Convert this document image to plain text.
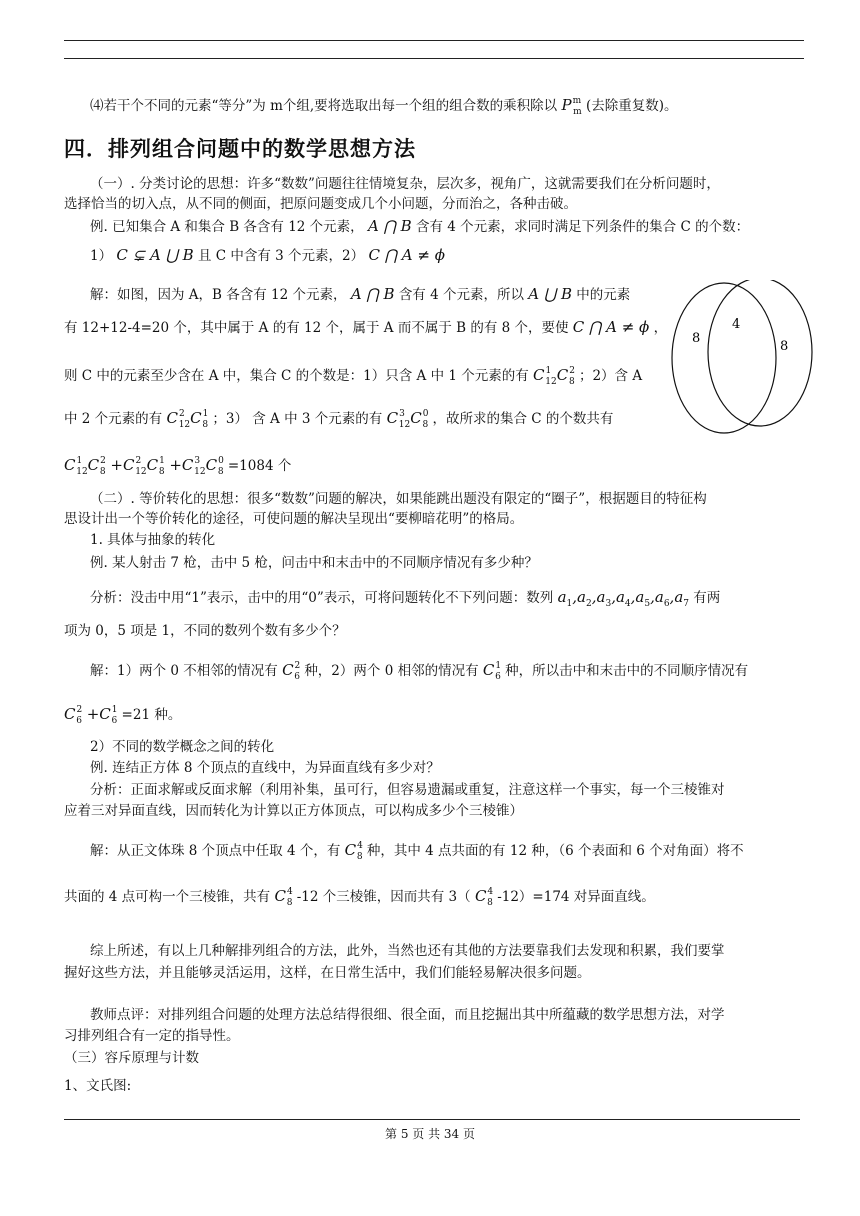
⑷若干个不同的元素“等分”为 m个组,要将选取出每一个组的组合数的乘积除以 $P^m_m$ (去除重复数)。
四．排列组合问题中的数学思想方法
（一）. 分类讨论的思想：许多“数数”问题往往情境复杂，层次多，视角广，这就需要我们在分析问题时，
选择恰当的切入点，从不同的侧面，把原问题变成几个小问题，分而治之，各种击破。
例. 已知集合 A 和集合 B 各含有 12 个元素， A ⋂ B 含有 4 个元素，求同时满足下列条件的集合 C 的个数：
1） C ⊊ A ⋃ B 且 C 中含有 3 个元素，2） C ⋂ A ≠ ϕ
解：如图，因为 A，B 各含有 12 个元素， A ⋂ B 含有 4 个元素，所以 A ⋃ B 中的元素
有 12+12-4=20 个，其中属于 A 的有 12 个，属于 A 而不属于 B 的有 8 个，要使 C ⋂ A ≠ ϕ ，
则 C 中的元素至少含在 A 中，集合 C 的个数是：1）只含 A 中 1 个元素的有 $C^1_{12}C^2_8$ ；2）含 A
中 2 个元素的有 $C^2_{12}C^1_8$ ；3） 含 A 中 3 个元素的有 $C^3_{12}C^0_8$ ，故所求的集合 C 的个数共有
$C^1_{12}C^2_8 +C^2_{12}C^1_8 +C^3_{12}C^0_8 =1084$ 个
8
4
8
（二）. 等价转化的思想：很多“数数”问题的解决，如果能跳出题没有限定的“圈子”，根据题目的特征构
思设计出一个等价转化的途径，可使问题的解决呈现出“要柳暗花明”的格局。
1. 具体与抽象的转化
例. 某人射击 7 枪，击中 5 枪，问击中和末击中的不同顺序情况有多少种？
分析：没击中用“1”表示，击中的用“0”表示，可将问题转化不下列问题：数列 $a_1,a_2,a_3,a_4,a_5,a_6,a_7$ 有两
项为 0，5 项是 1，不同的数列个数有多少个？
解：1）两个 0 不相邻的情况有 $C^2_6$ 种，2）两个 0 相邻的情况有 $C^1_6$ 种，所以击中和末击中的不同顺序情况有
$C^2_6 +C^1_6 =21$ 种。
2）不同的数学概念之间的转化
例. 连结正方体 8 个顶点的直线中，为异面直线有多少对？
分析：正面求解或反面求解（利用补集，虽可行，但容易遗漏或重复，注意这样一个事实，每一个三棱锥对
应着三对异面直线，因而转化为计算以正方体顶点，可以构成多少个三棱锥）
解：从正文体珠 8 个顶点中任取 4 个，有 $C^4_8$ 种，其中 4 点共面的有 12 种，（6 个表面和 6 个对角面）将不
共面的 4 点可构一个三棱锥，共有 $C^4_8$ -12 个三棱锥，因而共有 3（ $C^4_8$ -12）=174 对异面直线。
综上所述，有以上几种解排列组合的方法，此外，当然也还有其他的方法要靠我们去发现和积累，我们要掌
握好这些方法，并且能够灵活运用，这样，在日常生活中，我们们能轻易解决很多问题。
教师点评：对排列组合问题的处理方法总结得很细、很全面，而且挖掘出其中所蕴藏的数学思想方法，对学
习排列组合有一定的指导性。
（三）容斥原理与计数
1、文氏图:
第 5 页 共 34 页
